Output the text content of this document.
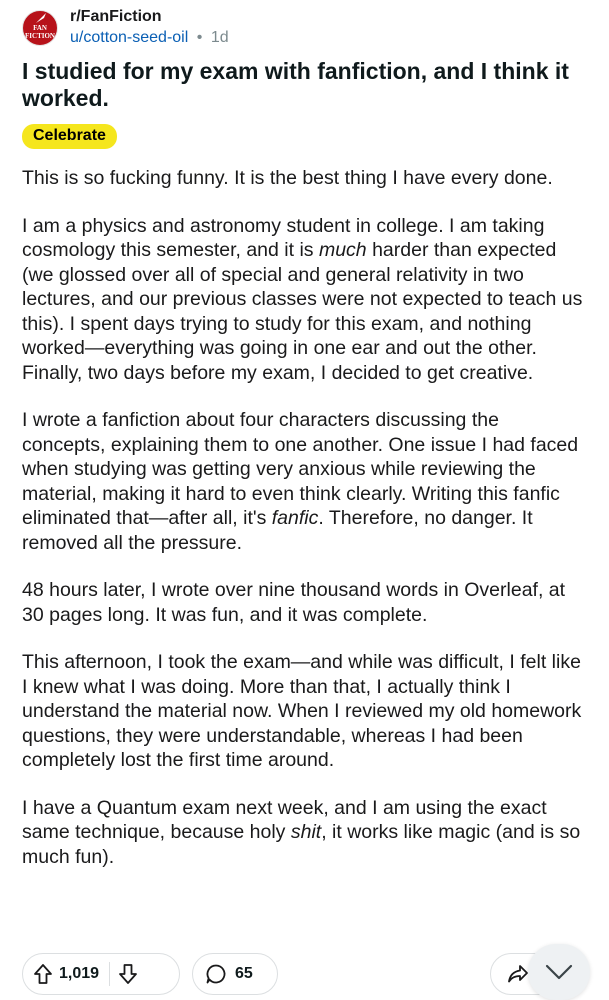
FAN FICTION
r/FanFiction
u/cotton-seed-oil • 1d
I studied for my exam with fanfiction, and I think it worked.
Celebrate

This is so fucking funny. It is the best thing I have every done.

I am a physics and astronomy student in college. I am taking cosmology this semester, and it is much harder than expected (we glossed over all of special and general relativity in two lectures, and our previous classes were not expected to teach us this). I spent days trying to study for this exam, and nothing worked—everything was going in one ear and out the other. Finally, two days before my exam, I decided to get creative.

I wrote a fanfiction about four characters discussing the concepts, explaining them to one another. One issue I had faced when studying was getting very anxious while reviewing the material, making it hard to even think clearly. Writing this fanfic eliminated that—after all, it's fanfic. Therefore, no danger. It removed all the pressure.

48 hours later, I wrote over nine thousand words in Overleaf, at 30 pages long. It was fun, and it was complete.

This afternoon, I took the exam—and while was difficult, I felt like I knew what I was doing. More than that, I actually think I understand the material now. When I reviewed my old homework questions, they were understandable, whereas I had been completely lost the first time around.

I have a Quantum exam next week, and I am using the exact same technique, because holy shit, it works like magic (and is so much fun).

1,019	65
